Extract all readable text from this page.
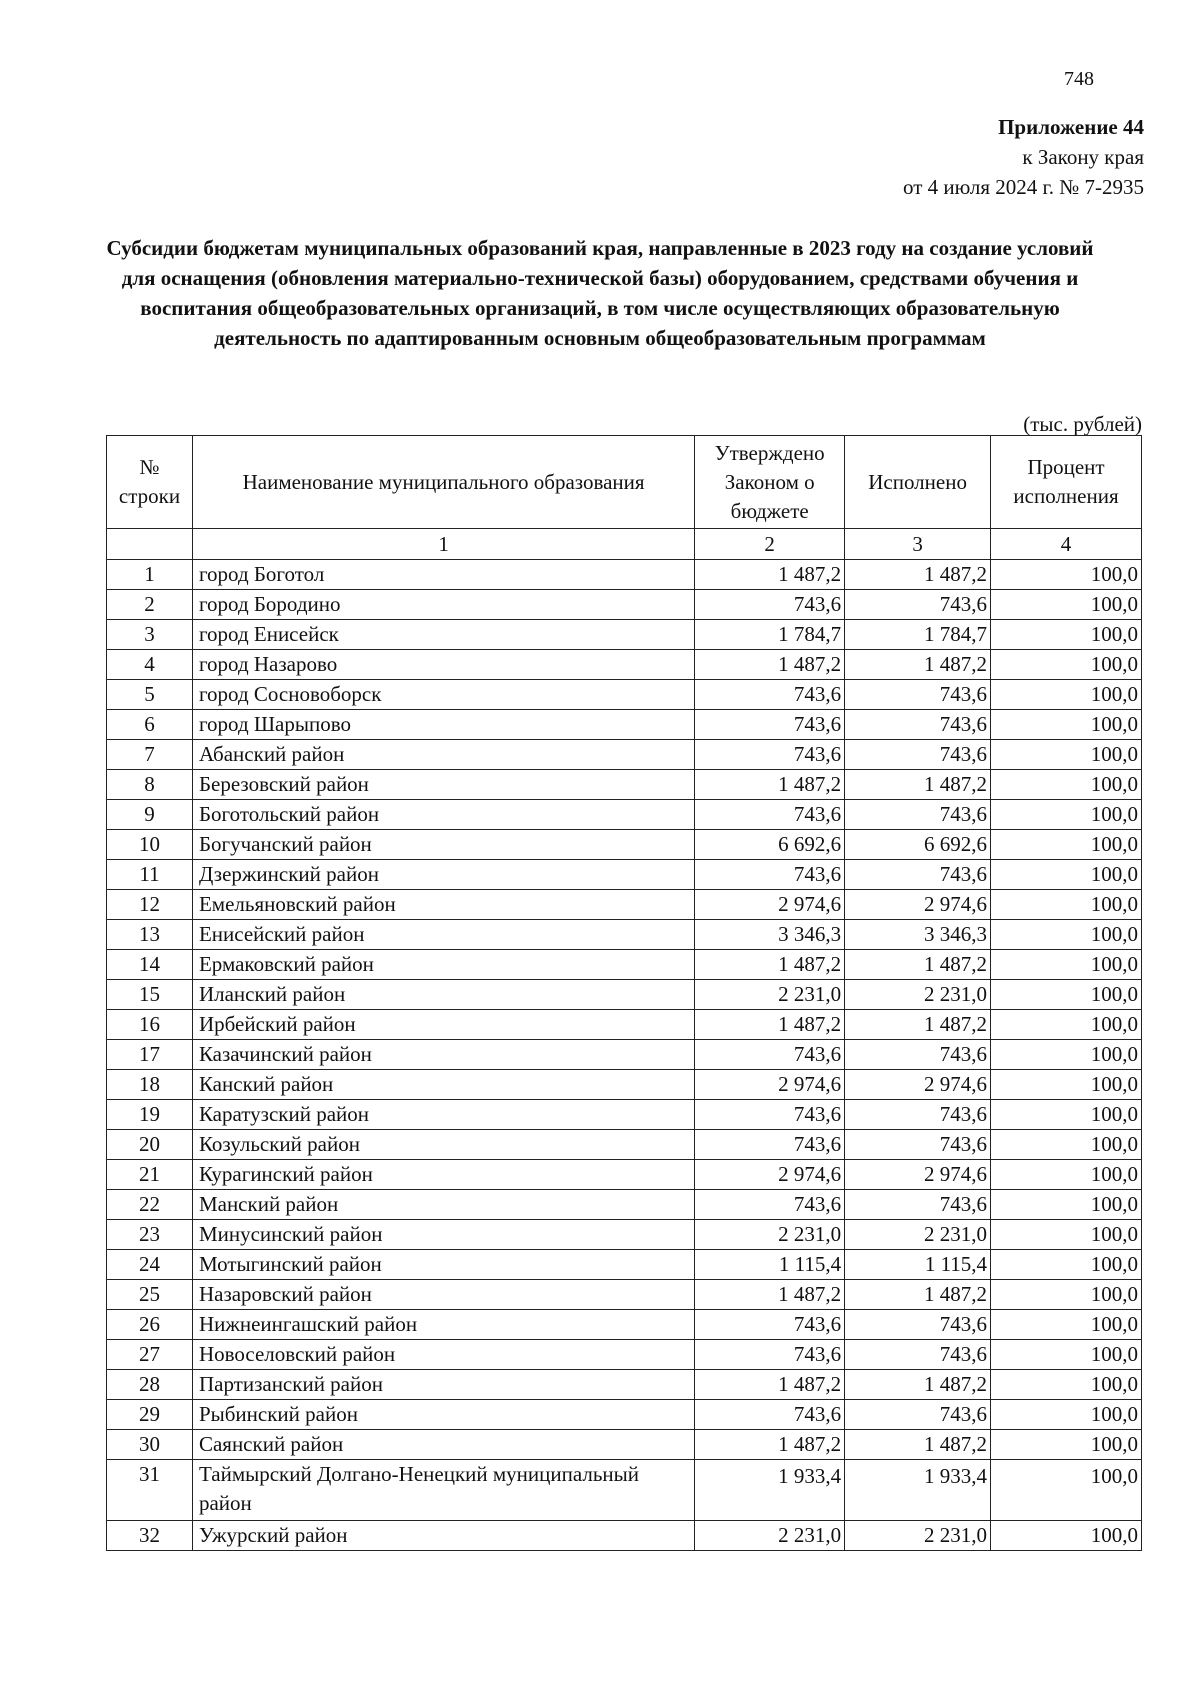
748
Приложение 44
к Закону края
от 4 июля 2024 г. № 7-2935
Субсидии бюджетам муниципальных образований края, направленные в 2023 году на создание условий для оснащения (обновления материально-технической базы) оборудованием, средствами обучения и воспитания общеобразовательных организаций, в том числе осуществляющих образовательную деятельность по адаптированным основным общеобразовательным программам
(тыс. рублей)
№ строки	Наименование муниципального образования	Утверждено Законом о бюджете	Исполнено	Процент исполнения
	1	2	3	4
1	город Боготол	1 487,2	1 487,2	100,0
2	город Бородино	743,6	743,6	100,0
3	город Енисейск	1 784,7	1 784,7	100,0
4	город Назарово	1 487,2	1 487,2	100,0
5	город Сосновоборск	743,6	743,6	100,0
6	город Шарыпово	743,6	743,6	100,0
7	Абанский район	743,6	743,6	100,0
8	Березовский район	1 487,2	1 487,2	100,0
9	Боготольский район	743,6	743,6	100,0
10	Богучанский район	6 692,6	6 692,6	100,0
11	Дзержинский район	743,6	743,6	100,0
12	Емельяновский район	2 974,6	2 974,6	100,0
13	Енисейский район	3 346,3	3 346,3	100,0
14	Ермаковский район	1 487,2	1 487,2	100,0
15	Иланский район	2 231,0	2 231,0	100,0
16	Ирбейский район	1 487,2	1 487,2	100,0
17	Казачинский район	743,6	743,6	100,0
18	Канский район	2 974,6	2 974,6	100,0
19	Каратузский район	743,6	743,6	100,0
20	Козульский район	743,6	743,6	100,0
21	Курагинский район	2 974,6	2 974,6	100,0
22	Манский район	743,6	743,6	100,0
23	Минусинский район	2 231,0	2 231,0	100,0
24	Мотыгинский район	1 115,4	1 115,4	100,0
25	Назаровский район	1 487,2	1 487,2	100,0
26	Нижнеингашский район	743,6	743,6	100,0
27	Новоселовский район	743,6	743,6	100,0
28	Партизанский район	1 487,2	1 487,2	100,0
29	Рыбинский район	743,6	743,6	100,0
30	Саянский район	1 487,2	1 487,2	100,0
31	Таймырский Долгано-Ненецкий муниципальный район	1 933,4	1 933,4	100,0
32	Ужурский район	2 231,0	2 231,0	100,0
